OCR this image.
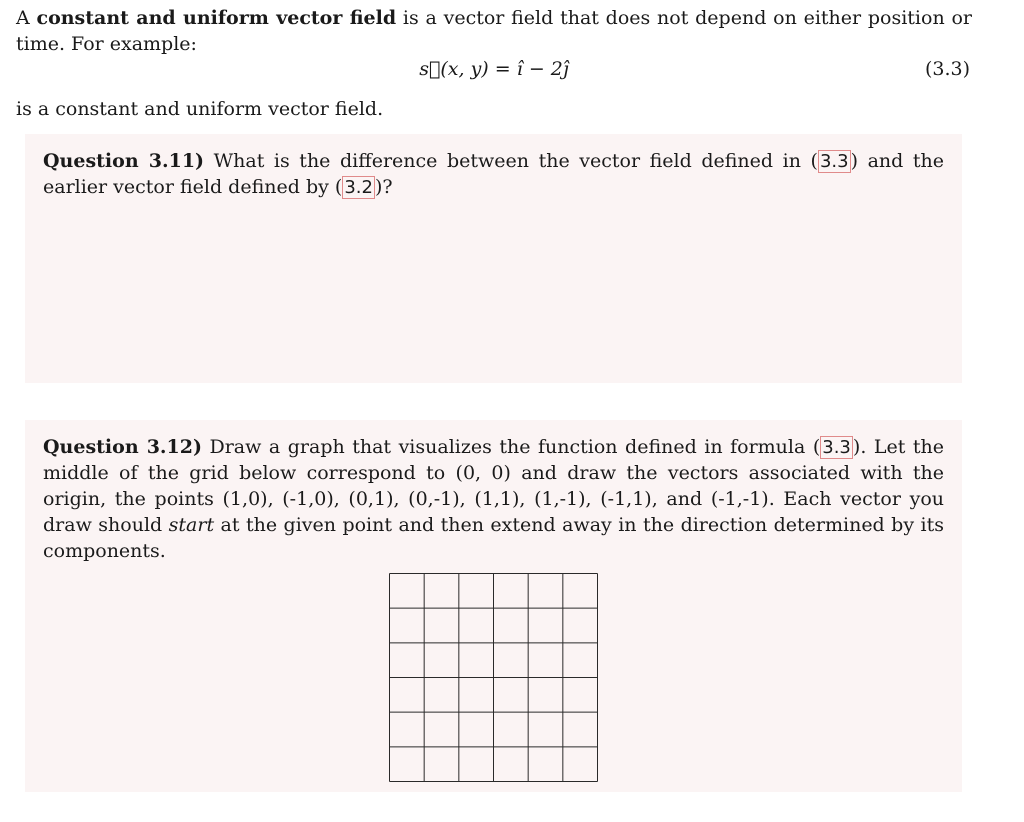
A constant and uniform vector field is a vector field that does not depend on either position or time. For example:
s⃗(x, y) = î − 2ĵ	(3.3)
is a constant and uniform vector field.
Question 3.11) What is the difference between the vector field defined in ( 3.3 ) and the earlier vector field defined by ( 3.2 )?
Question 3.12) Draw a graph that visualizes the function defined in formula ( 3.3 ). Let the middle of the grid below correspond to (0, 0) and draw the vectors associated with the origin, the points (1,0), (-1,0), (0,1), (0,-1), (1,1), (1,-1), (-1,1), and (-1,-1). Each vector you draw should start at the given point and then extend away in the direction determined by its components.
